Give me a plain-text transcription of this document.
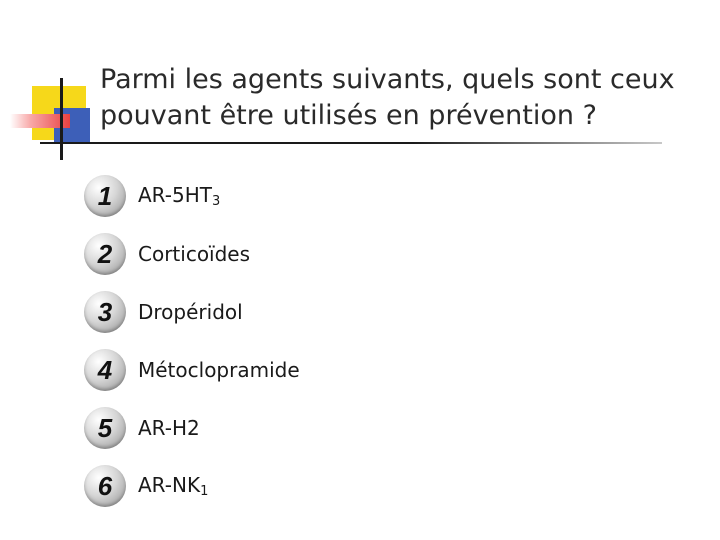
Parmi les agents suivants, quels sont ceux
pouvant être utilisés en prévention ?
1 $AR-5HT_3$
2 Corticoïdes
3 Dropéridol
4 Métoclopramide
5 AR-H2
6 $AR-NK_1$
